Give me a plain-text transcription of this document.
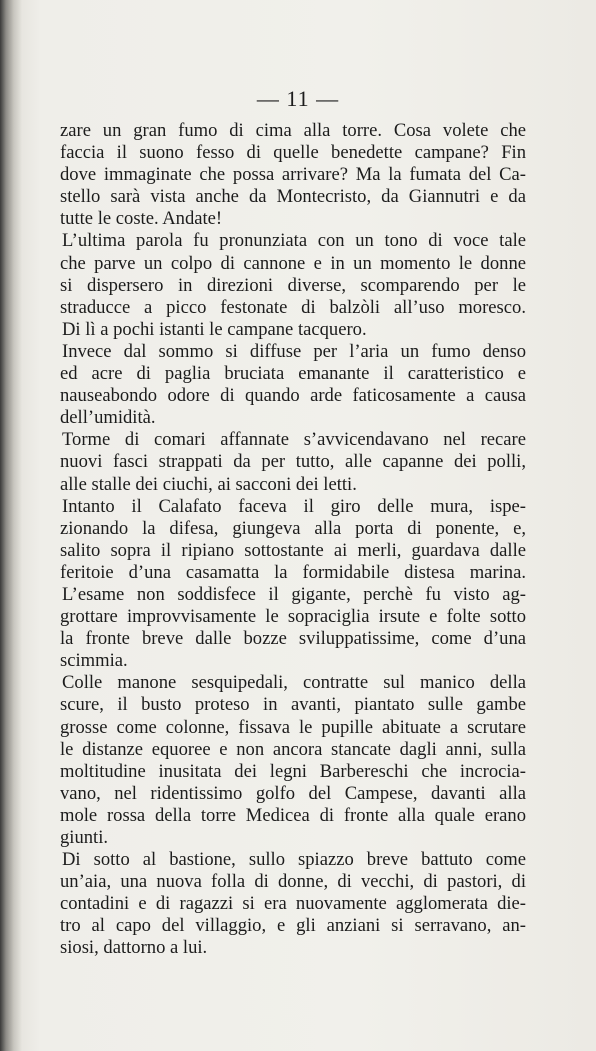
— 11 —
zare un gran fumo di cima alla torre. Cosa volete che
faccia il suono fesso di quelle benedette campane? Fin
dove immaginate che possa arrivare? Ma la fumata del Ca-
stello sarà vista anche da Montecristo, da Giannutri e da
tutte le coste. Andate!
L’ultima parola fu pronunziata con un tono di voce tale
che parve un colpo di cannone e in un momento le donne
si dispersero in direzioni diverse, scomparendo per le
straducce a picco festonate di balzòli all’uso moresco.
Di lì a pochi istanti le campane tacquero.
Invece dal sommo si diffuse per l’aria un fumo denso
ed acre di paglia bruciata emanante il caratteristico e
nauseabondo odore di quando arde faticosamente a causa
dell’umidità.
Torme di comari affannate s’avvicendavano nel recare
nuovi fasci strappati da per tutto, alle capanne dei polli,
alle stalle dei ciuchi, ai sacconi dei letti.
Intanto il Calafato faceva il giro delle mura, ispe-
zionando la difesa, giungeva alla porta di ponente, e,
salito sopra il ripiano sottostante ai merli, guardava dalle
feritoie d’una casamatta la formidabile distesa marina.
L’esame non soddisfece il gigante, perchè fu visto ag-
grottare improvvisamente le sopraciglia irsute e folte sotto
la fronte breve dalle bozze sviluppatissime, come d’una
scimmia.
Colle manone sesquipedali, contratte sul manico della
scure, il busto proteso in avanti, piantato sulle gambe
grosse come colonne, fissava le pupille abituate a scrutare
le distanze equoree e non ancora stancate dagli anni, sulla
moltitudine inusitata dei legni Barbereschi che incrocia-
vano, nel ridentissimo golfo del Campese, davanti alla
mole rossa della torre Medicea di fronte alla quale erano
giunti.
Di sotto al bastione, sullo spiazzo breve battuto come
un’aia, una nuova folla di donne, di vecchi, di pastori, di
contadini e di ragazzi si era nuovamente agglomerata die-
tro al capo del villaggio, e gli anziani si serravano, an-
siosi, dattorno a lui.
